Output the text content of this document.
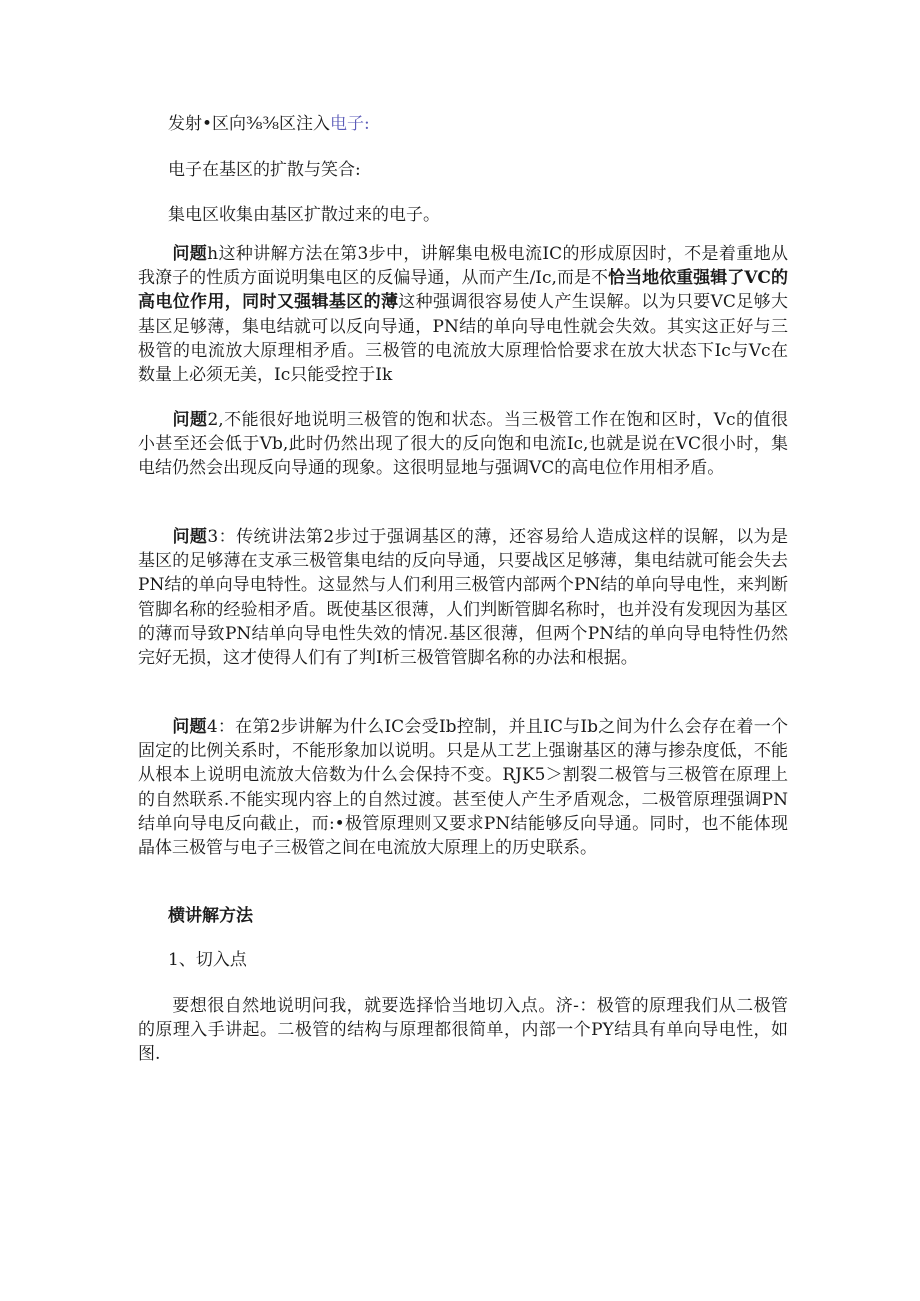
发射•区向⅜⅜区注入电子:
电子在基区的扩散与笑合:
集电区收集由基区扩散过来的电子。
问题h这种讲解方法在第3步中，讲解集电极电流IC的形成原因时，不是着重地从我潦子的性质方面说明集电区的反偏导通，从而产生/Ic,而是不恰当地依重强辑了VC的高电位作用，同时又强辑基区的薄这种强调很容易使人产生误解。以为只要VC足够大基区足够薄，集电结就可以反向导通，PN结的单向导电性就会失效。其实这正好与三极管的电流放大原理相矛盾。三极管的电流放大原理恰恰要求在放大状态下Ic与Vc在数量上必须无美，Ic只能受控于Ik
问题2,不能很好地说明三极管的饱和状态。当三极管工作在饱和区时，Vc的值很小甚至还会低于Vb,此时仍然出现了很大的反向饱和电流Ic,也就是说在VC很小时，集电结仍然会出现反向导通的现象。这很明显地与强调VC的高电位作用相矛盾。
问题3：传统讲法第2步过于强调基区的薄，还容易给人造成这样的误解，以为是基区的足够薄在支承三极管集电结的反向导通，只要战区足够薄，集电结就可能会失去PN结的单向导电特性。这显然与人们利用三极管内部两个PN结的单向导电性，来判断管脚名称的经验相矛盾。既使基区很薄，人们判断管脚名称时，也并没有发现因为基区的薄而导致PN结单向导电性失效的情况.基区很薄，但两个PN结的单向导电特性仍然完好无损，这才使得人们有了判I析三极管管脚名称的办法和根据。
问题4：在第2步讲解为什么IC会受Ib控制，并且IC与Ib之间为什么会存在着一个固定的比例关系时，不能形象加以说明。只是从工艺上强谢基区的薄与掺杂度低，不能从根本上说明电流放大倍数为什么会保持不变。RJK5＞割裂二极管与三极管在原理上的自然联系.不能实现内容上的自然过渡。甚至使人产生矛盾观念，二极管原理强调PN结单向导电反向截止，而:•极管原理则又要求PN结能够反向导通。同时，也不能体现晶体三极管与电子三极管之间在电流放大原理上的历史联系。
横讲解方法
1、切入点
要想很自然地说明问我，就要选择恰当地切入点。济-：极管的原理我们从二极管的原理入手讲起。二极管的结构与原理都很简单，内部一个PY结具有单向导电性，如图.
